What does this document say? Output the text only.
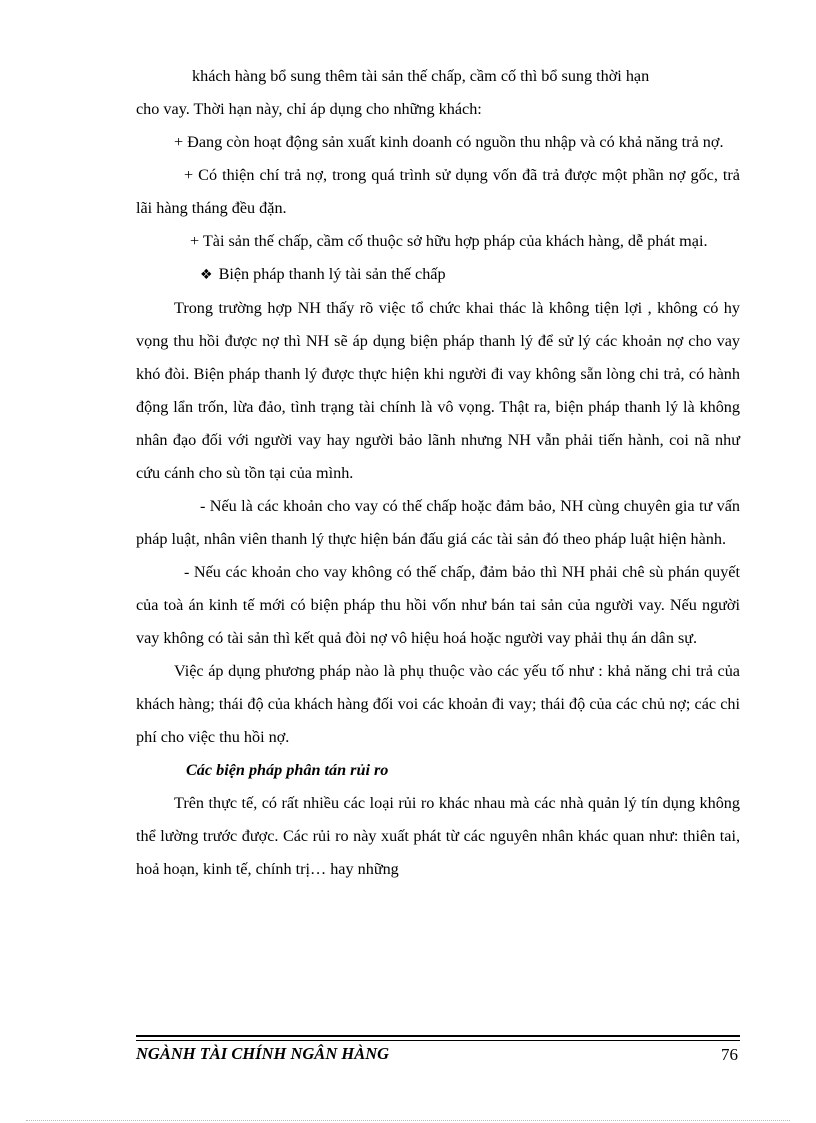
khách hàng bổ sung thêm tài sản thế chấp, cầm cố thì bổ sung thời hạn

cho vay. Thời hạn này, chỉ áp dụng cho những khách:

+ Đang còn hoạt động sản xuất kinh doanh có nguồn thu nhập và có khả năng trả nợ.

+ Có thiện chí trả nợ, trong quá trình sử dụng vốn đã trả được một phần nợ gốc, trả lãi hàng tháng đều đặn.

+ Tài sản thế chấp, cầm cố thuộc sở hữu hợp pháp của khách hàng, dễ phát mại.

❖ Biện pháp thanh lý tài sản thế chấp

Trong trường hợp NH thấy rõ việc tổ chức khai thác là không tiện lợi , không có hy vọng thu hồi được nợ thì NH sẽ áp dụng biện pháp thanh lý để sử lý các khoản nợ cho vay khó đòi. Biện pháp thanh lý được thực hiện khi người đi vay không sẵn lòng chi trả, có hành động lẩn trốn, lừa đảo, tình trạng tài chính là vô vọng. Thật ra, biện pháp thanh lý là không nhân đạo đối với người vay hay người bảo lãnh nhưng NH vẫn phải tiến hành, coi nã như cứu cánh cho sù tồn tại của mình.

- Nếu là các khoản cho vay có thế chấp hoặc đảm bảo, NH cùng chuyên gia tư vấn pháp luật, nhân viên thanh lý thực hiện bán đấu giá các tài sản đó theo pháp luật hiện hành.

- Nếu các khoản cho vay không có thế chấp, đảm bảo thì NH phải chê sù phán quyết của toà án kinh tế mới có biện pháp thu hồi vốn như bán tai sản của người vay. Nếu người vay không có tài sản thì kết quả đòi nợ vô hiệu hoá hoặc người vay phải thụ án dân sự.

Việc áp dụng phương pháp nào là phụ thuộc vào các yếu tố như : khả năng chi trả của khách hàng; thái độ của khách hàng đối voi các khoản đi vay; thái độ của các chủ nợ; các chi phí cho việc thu hồi nợ.

Các biện pháp phân tán rủi ro

Trên thực tế, có rất nhiều các loại rủi ro khác nhau mà các nhà quản lý tín dụng không thể lường trước được. Các rủi ro này xuất phát từ các nguyên nhân khác quan như: thiên tai, hoả hoạn, kinh tế, chính trị… hay những

NGÀNH TÀI CHÍNH NGÂN HÀNG	76
